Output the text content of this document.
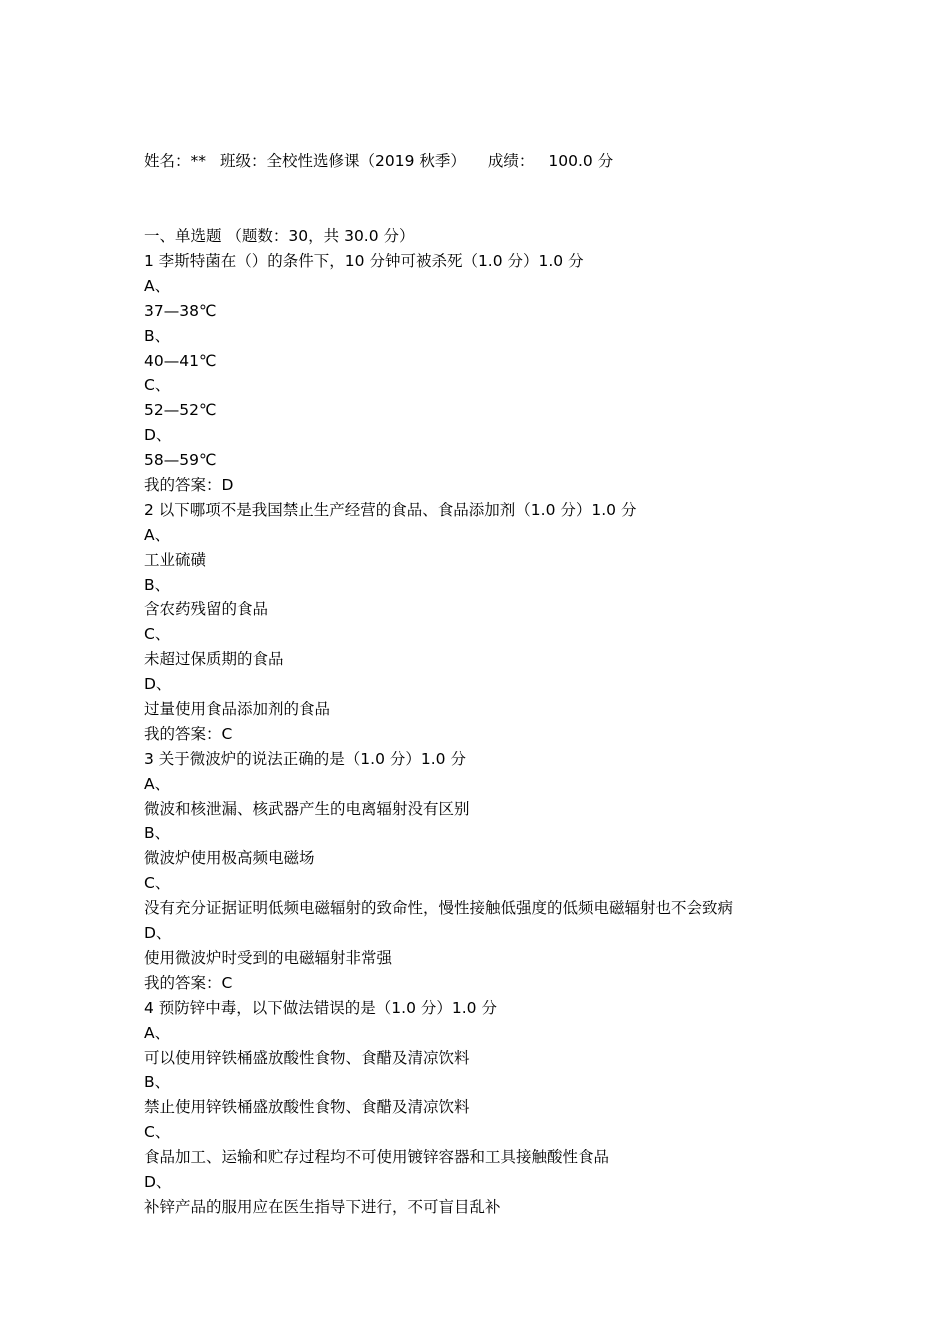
姓名：** 班级：全校性选修课（2019 秋季） 成绩： 100.0 分
一、单选题 （题数：30，共 30.0 分）
1 李斯特菌在（）的条件下，10 分钟可被杀死（1.0 分）1.0 分
A、
37—38℃
B、
40—41℃
C、
52—52℃
D、
58—59℃
我的答案：D
2 以下哪项不是我国禁止生产经营的食品、食品添加剂（1.0 分）1.0 分
A、
工业硫磺
B、
含农药残留的食品
C、
未超过保质期的食品
D、
过量使用食品添加剂的食品
我的答案：C
3 关于微波炉的说法正确的是（1.0 分）1.0 分
A、
微波和核泄漏、核武器产生的电离辐射没有区别
B、
微波炉使用极高频电磁场
C、
没有充分证据证明低频电磁辐射的致命性，慢性接触低强度的低频电磁辐射也不会致病
D、
使用微波炉时受到的电磁辐射非常强
我的答案：C
4 预防锌中毒，以下做法错误的是（1.0 分）1.0 分
A、
可以使用锌铁桶盛放酸性食物、食醋及清凉饮料
B、
禁止使用锌铁桶盛放酸性食物、食醋及清凉饮料
C、
食品加工、运输和贮存过程均不可使用镀锌容器和工具接触酸性食品
D、
补锌产品的服用应在医生指导下进行，不可盲目乱补
